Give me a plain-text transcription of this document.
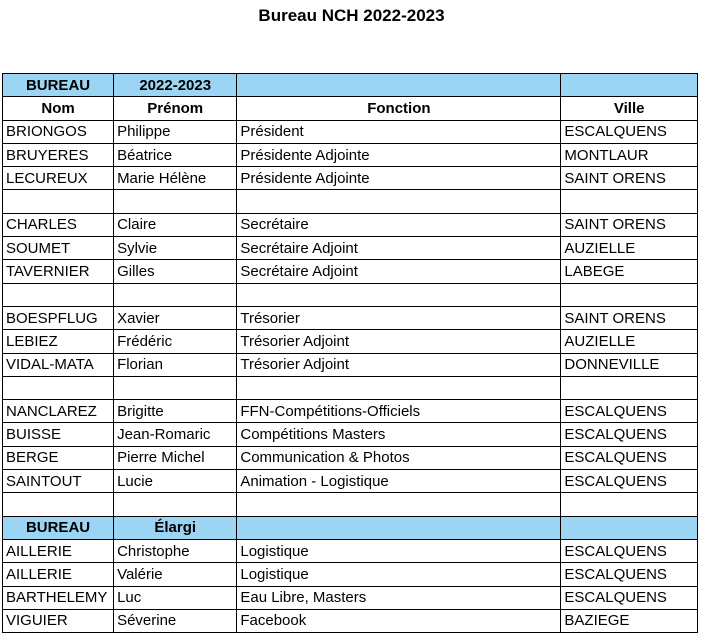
Bureau NCH 2022-2023
BUREAU	2022-2023		
Nom	Prénom	Fonction	Ville
BRIONGOS	Philippe	Président	ESCALQUENS
BRUYERES	Béatrice	Présidente Adjointe	MONTLAUR
LECUREUX	Marie Hélène	Présidente Adjointe	SAINT ORENS

CHARLES	Claire	Secrétaire	SAINT ORENS
SOUMET	Sylvie	Secrétaire Adjoint	AUZIELLE
TAVERNIER	Gilles	Secrétaire Adjoint	LABEGE

BOESPFLUG	Xavier	Trésorier	SAINT ORENS
LEBIEZ	Frédéric	Trésorier Adjoint	AUZIELLE
VIDAL-MATA	Florian	Trésorier Adjoint	DONNEVILLE

NANCLAREZ	Brigitte	FFN-Compétitions-Officiels	ESCALQUENS
BUISSE	Jean-Romaric	Compétitions Masters	ESCALQUENS
BERGE	Pierre Michel	Communication & Photos	ESCALQUENS
SAINTOUT	Lucie	Animation - Logistique	ESCALQUENS

BUREAU	Élargi		
AILLERIE	Christophe	Logistique	ESCALQUENS
AILLERIE	Valérie	Logistique	ESCALQUENS
BARTHELEMY	Luc	Eau Libre, Masters	ESCALQUENS
VIGUIER	Séverine	Facebook	BAZIEGE
